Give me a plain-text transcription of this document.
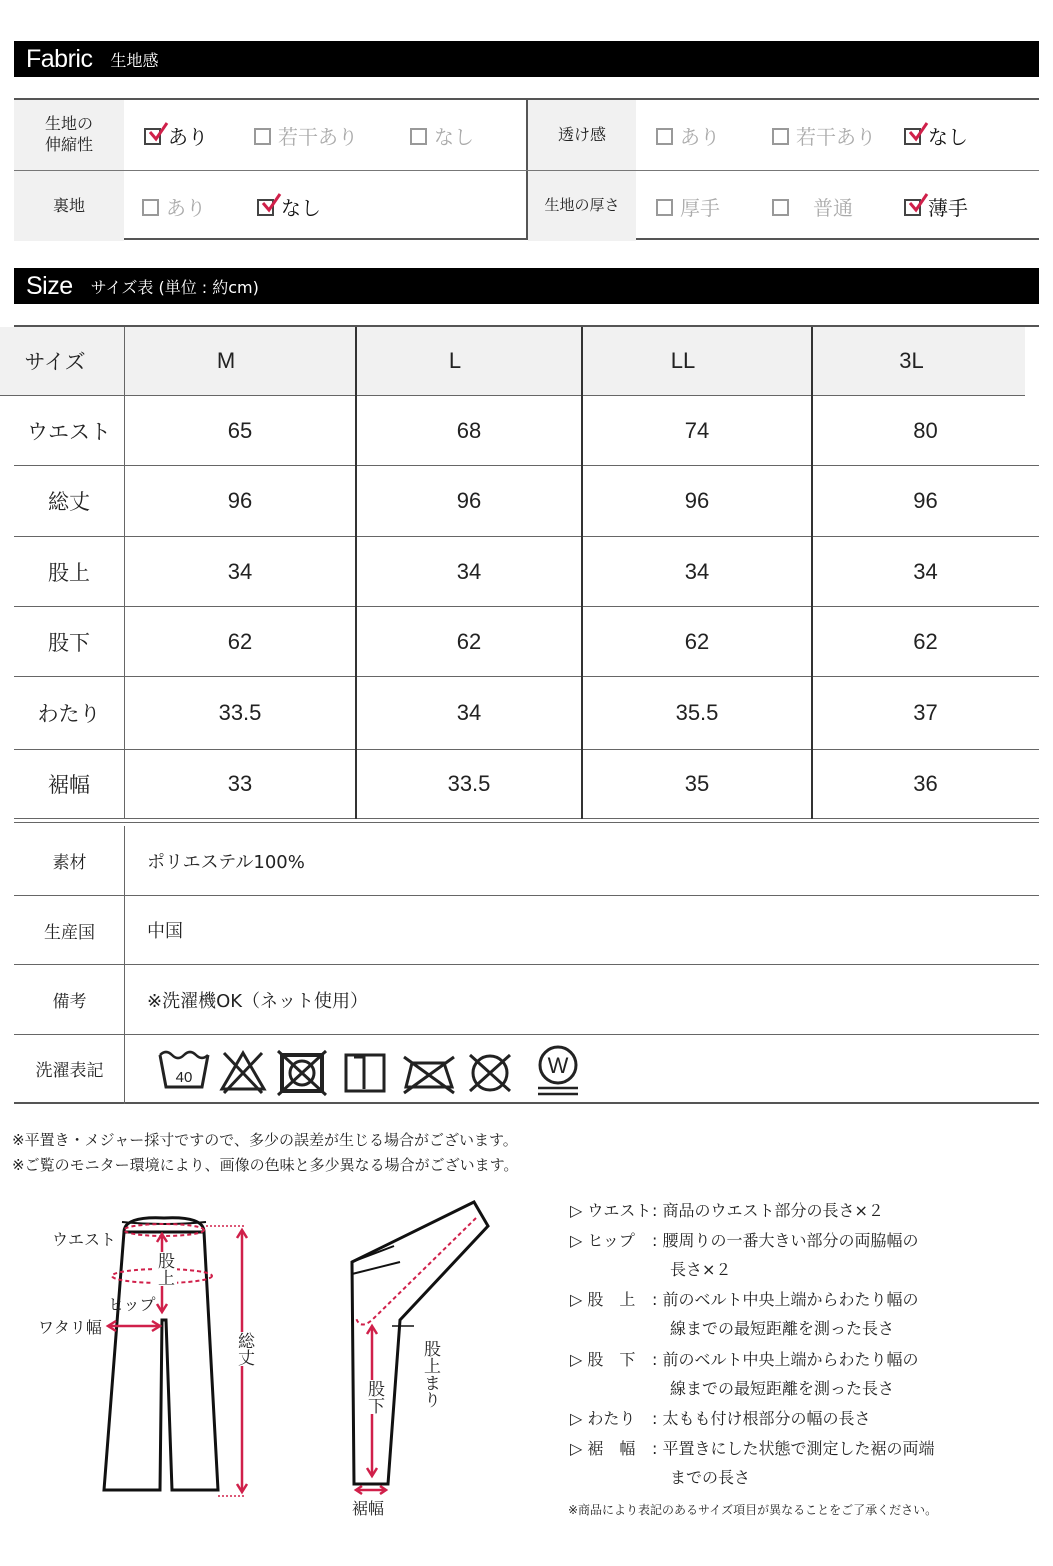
Fabric 生地感
生地の
伸縮性	あり	若干あり	なし	透け感	あり	若干あり	なし
裏地	あり	なし	生地の厚さ	厚手	普通	薄手
Size サイズ表 (単位 : 約cm)
サイズ	M	L	LL	3L
ウエスト	65	68	74	80
総丈	96	96	96	96
股上	34	34	34	34
股下	62	62	62	62
わたり	33.5	34	35.5	37
裾幅	33	33.5	35	36
素材	ポリエステル100%
生産国	中国
備考	※洗濯機OK（ネット使用）
洗濯表記	40	W
※平置き・メジャー採寸ですので、多少の誤差が生じる場合がございます。
※ご覧のモニター環境により、画像の色味と多少異なる場合がございます。
ウエスト
ヒップ
ワタリ幅
股上
総丈
股下 股上まり
裾幅
▷ ウエスト : 商品のウエスト部分の長さ×２
▷ ヒップ	: 腰周りの一番大きい部分の両脇幅の
長さ×２
▷ 股　上	: 前のベルト中央上端からわたり幅の
線までの最短距離を測った長さ
▷ 股　下	: 前のベルト中央上端からわたり幅の
線までの最短距離を測った長さ
▷ わたり	: 太もも付け根部分の幅の長さ
▷ 裾　幅	: 平置きにした状態で測定した裾の両端
までの長さ
※商品により表記のあるサイズ項目が異なることをご了承ください。
